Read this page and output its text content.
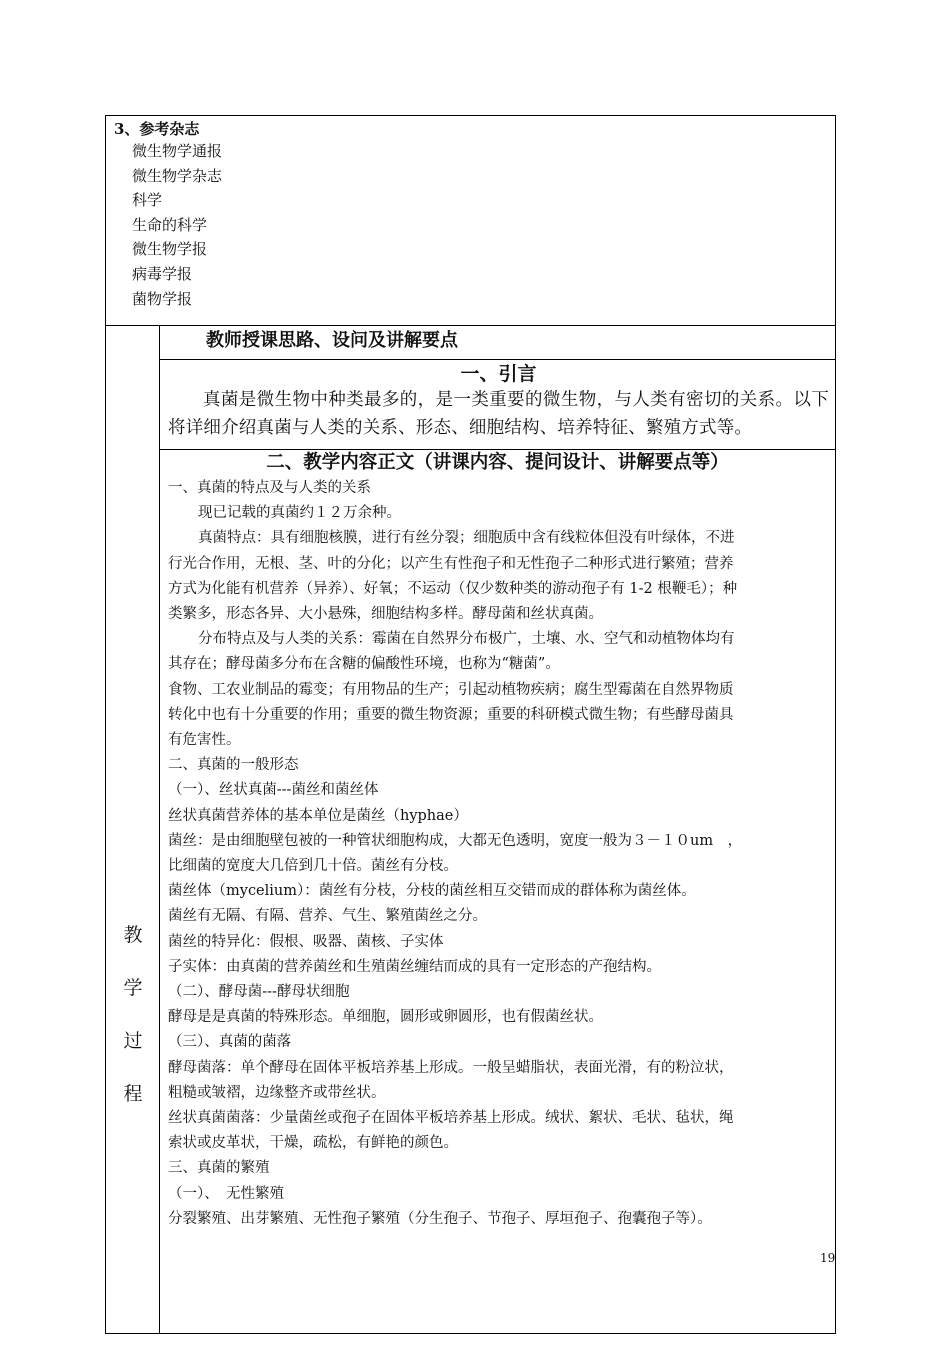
3、参考杂志
微生物学通报
微生物学杂志
科学
生命的科学
微生物学报
病毒学报
菌物学报
教
学
过
程
教师授课思路、设问及讲解要点
一、引言
真菌是微生物中种类最多的，是一类重要的微生物，与人类有密切的关系。以下将详细介绍真菌与人类的关系、形态、细胞结构、培养特征、繁殖方式等。
二、教学内容正文（讲课内容、提问设计、讲解要点等）
一、真菌的特点及与人类的关系
现已记载的真菌约１２万余种。
真菌特点：具有细胞核膜，进行有丝分裂；细胞质中含有线粒体但没有叶绿体，不进
行光合作用，无根、茎、叶的分化；以产生有性孢子和无性孢子二种形式进行繁殖；营养
方式为化能有机营养（异养）、好氧；不运动（仅少数种类的游动孢子有 1-2 根鞭毛）；种
类繁多，形态各异、大小悬殊，细胞结构多样。酵母菌和丝状真菌。
分布特点及与人类的关系：霉菌在自然界分布极广，土壤、水、空气和动植物体均有
其存在；酵母菌多分布在含糖的偏酸性环境，也称为“糖菌”。
食物、工农业制品的霉变；有用物品的生产；引起动植物疾病；腐生型霉菌在自然界物质
转化中也有十分重要的作用；重要的微生物资源；重要的科研模式微生物；有些酵母菌具
有危害性。
二、真菌的一般形态
（一）、丝状真菌---菌丝和菌丝体
丝状真菌营养体的基本单位是菌丝（hyphae）
菌丝：是由细胞壁包被的一种管状细胞构成，大都无色透明，宽度一般为３－１０um　，
比细菌的宽度大几倍到几十倍。菌丝有分枝。
菌丝体（mycelium）：菌丝有分枝，分枝的菌丝相互交错而成的群体称为菌丝体。
菌丝有无隔、有隔、营养、气生、繁殖菌丝之分。
菌丝的特异化：假根、吸器、菌核、子实体
子实体：由真菌的营养菌丝和生殖菌丝缠结而成的具有一定形态的产孢结构。
（二）、酵母菌---酵母状细胞
酵母是是真菌的特殊形态。单细胞，圆形或卵圆形，也有假菌丝状。
（三）、真菌的菌落
酵母菌落：单个酵母在固体平板培养基上形成。一般呈蜡脂状，表面光滑，有的粉泣状，
粗糙或皱褶，边缘整齐或带丝状。
丝状真菌菌落：少量菌丝或孢子在固体平板培养基上形成。绒状、絮状、毛状、毡状，绳
索状或皮革状，干燥，疏松，有鲜艳的颜色。
三、真菌的繁殖
（一）、　无性繁殖
分裂繁殖、出芽繁殖、无性孢子繁殖（分生孢子、节孢子、厚垣孢子、孢囊孢子等）。
19
